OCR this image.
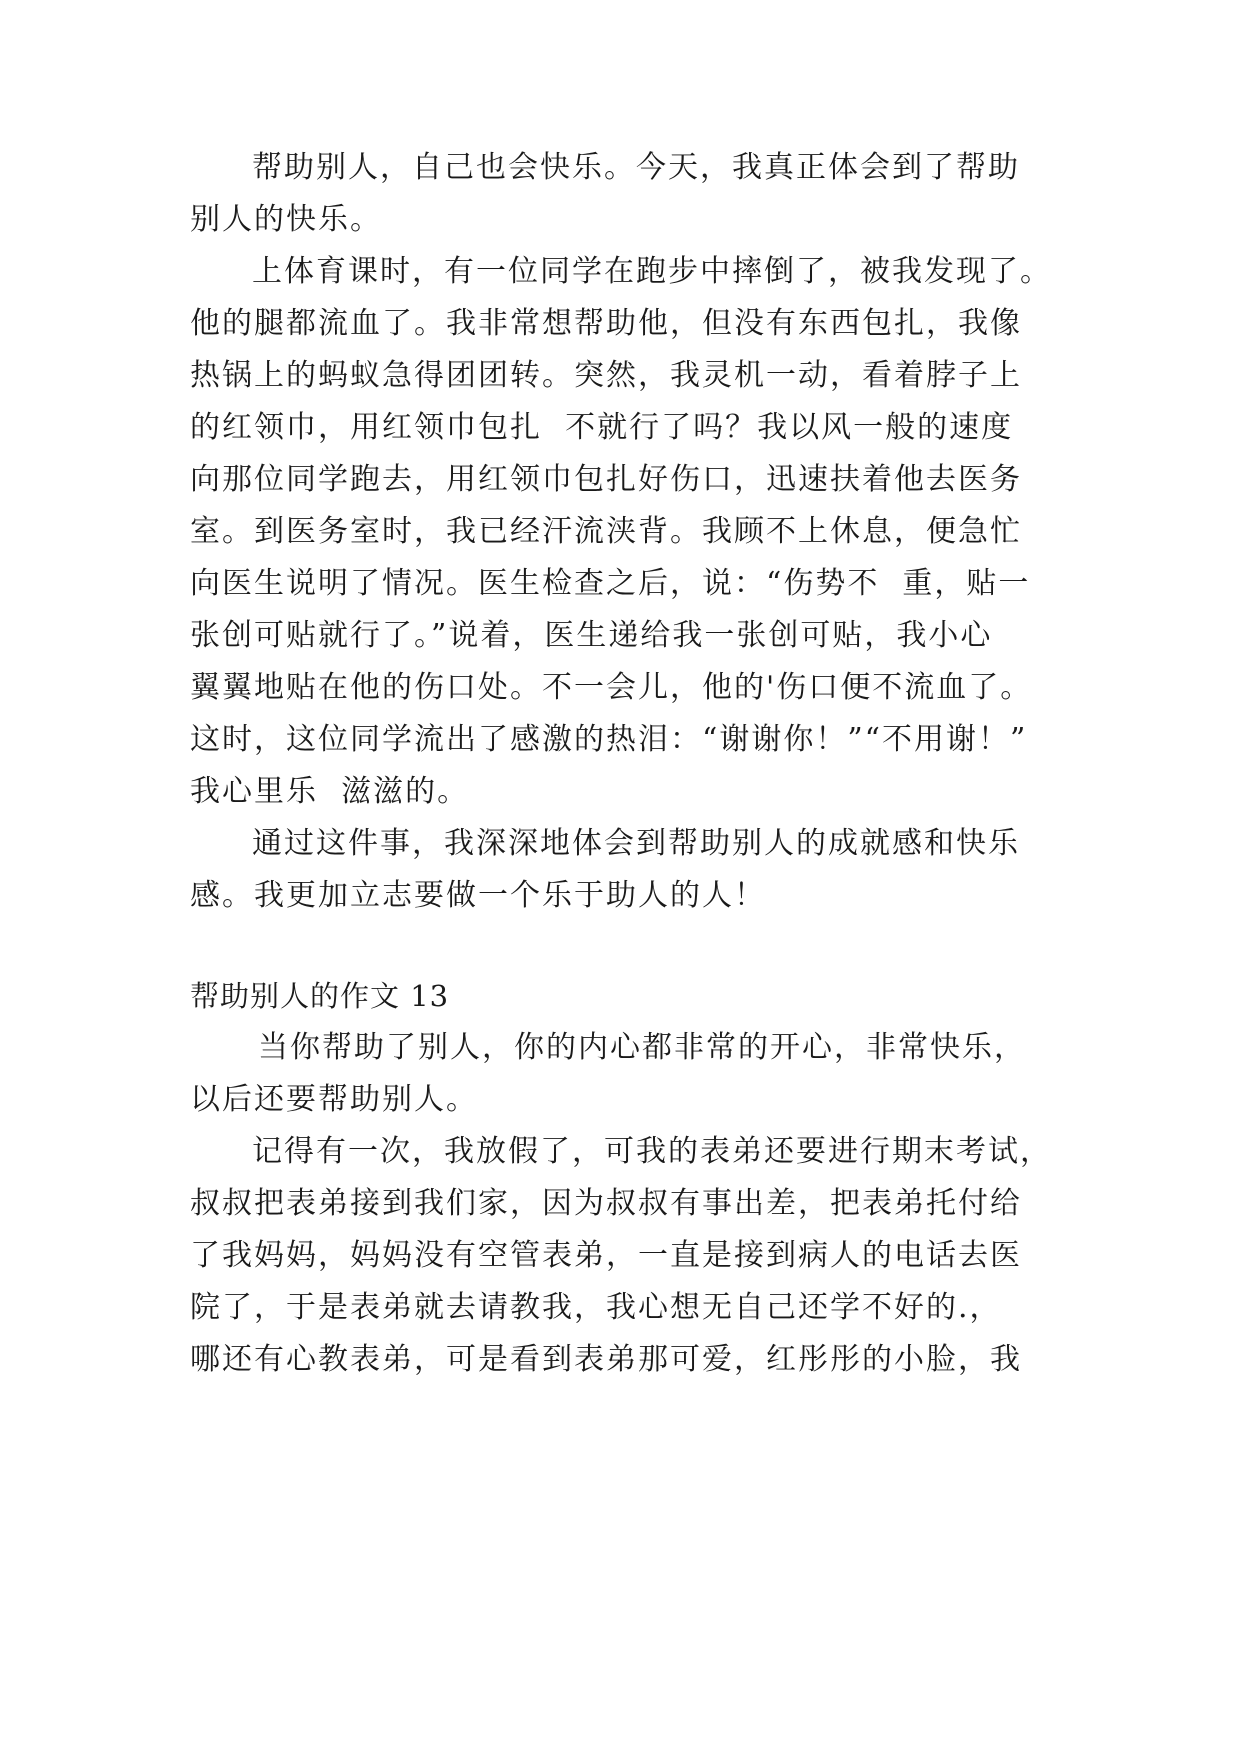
帮助别人，自己也会快乐。今天，我真正体会到了帮助
别人的快乐。
上体育课时，有一位同学在跑步中摔倒了，被我发现了。
他的腿都流血了。我非常想帮助他，但没有东西包扎，我像
热锅上的蚂蚁急得团团转。突然，我灵机一动，看着脖子上
的红领巾，用红领巾包扎  不就行了吗？我以风一般的速度
向那位同学跑去，用红领巾包扎好伤口，迅速扶着他去医务
室。到医务室时，我已经汗流浃背。我顾不上休息，便急忙
向医生说明了情况。医生检查之后，说：“伤势不  重，贴一
张创可贴就行了。”说着，医生递给我一张创可贴，我小心
翼翼地贴在他的伤口处。不一会儿，他的'伤口便不流血了。
这时，这位同学流出了感激的热泪：“谢谢你！”“不用谢！”
我心里乐  滋滋的。
通过这件事，我深深地体会到帮助别人的成就感和快乐
感。我更加立志要做一个乐于助人的人！
帮助别人的作文 13
当你帮助了别人，你的内心都非常的开心，非常快乐，
以后还要帮助别人。
记得有一次，我放假了，可我的表弟还要进行期末考试，
叔叔把表弟接到我们家，因为叔叔有事出差，把表弟托付给
了我妈妈，妈妈没有空管表弟，一直是接到病人的电话去医
院了，于是表弟就去请教我，我心想无自己还学不好的.，
哪还有心教表弟，可是看到表弟那可爱，红彤彤的小脸，我
